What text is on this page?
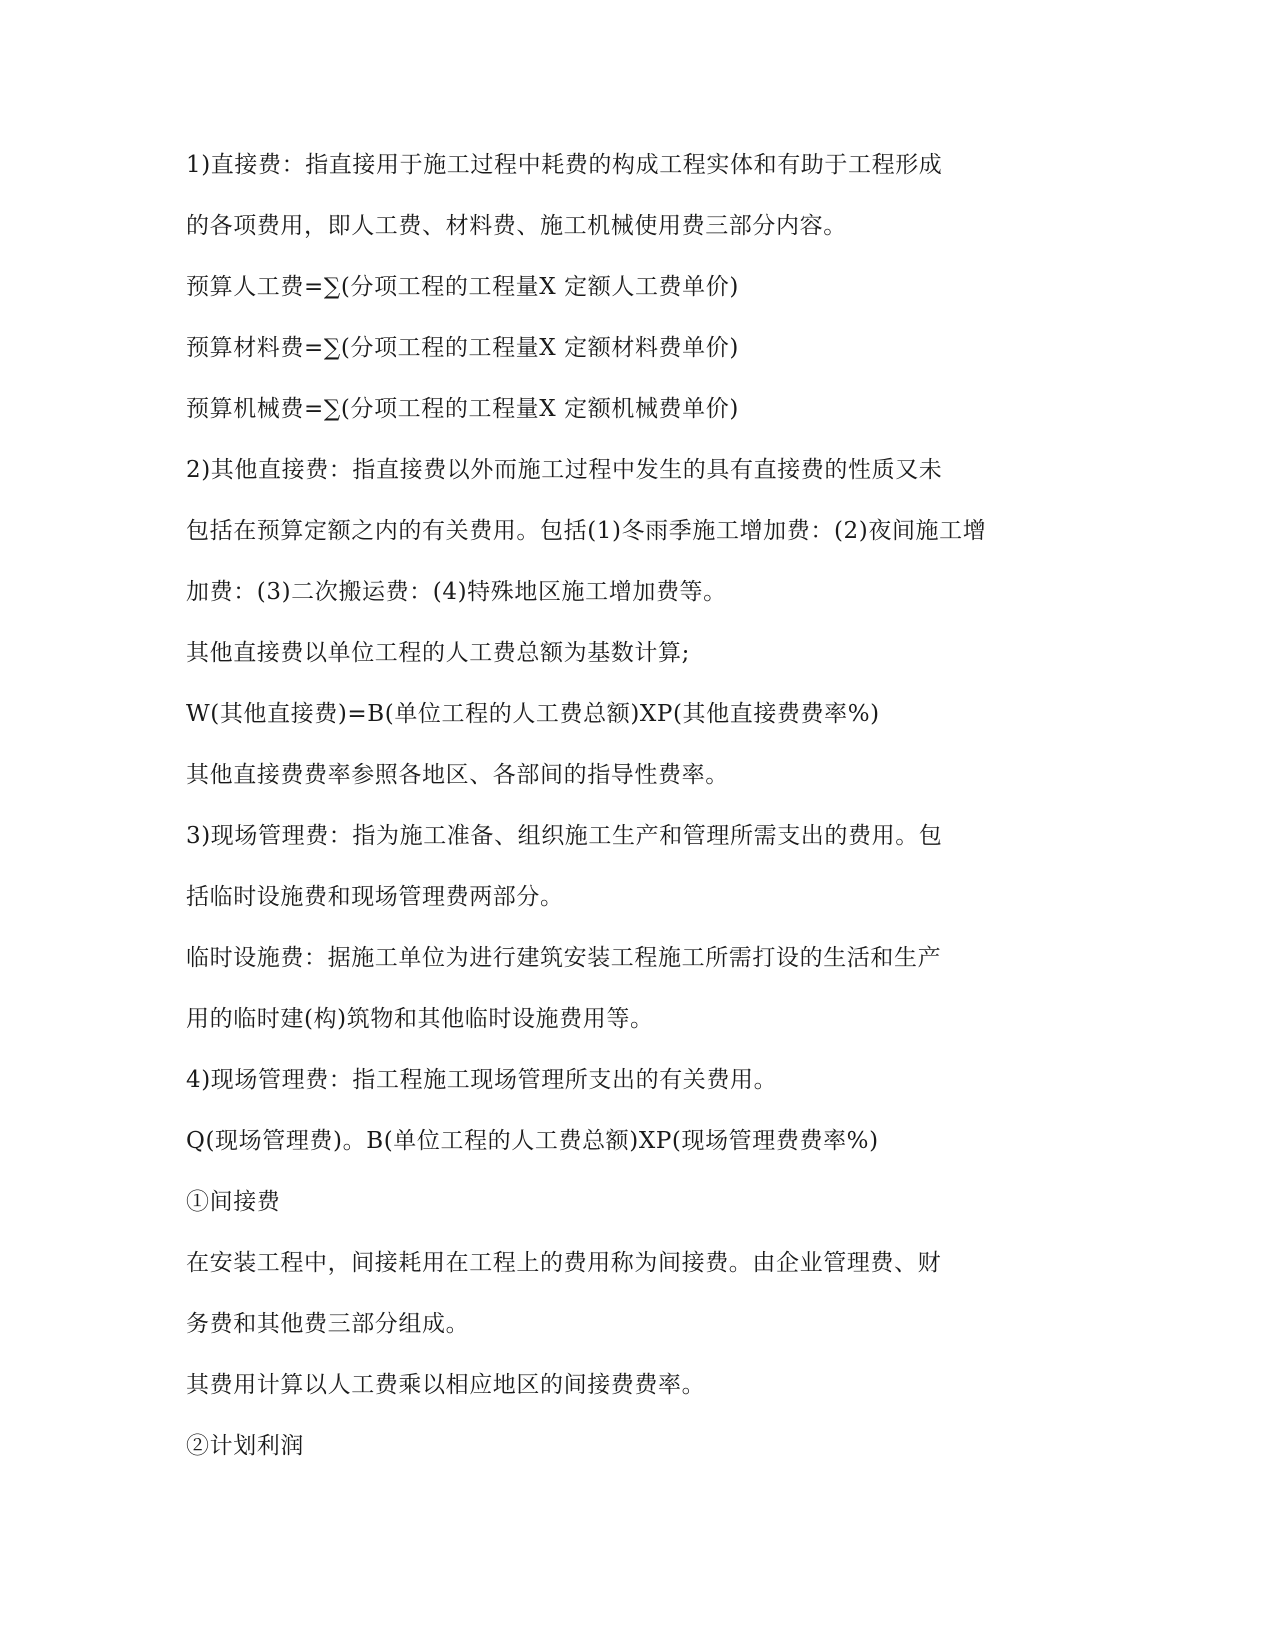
1)直接费：指直接用于施工过程中耗费的构成工程实体和有助于工程形成
的各项费用，即人工费、材料费、施工机械使用费三部分内容。
预算人工费=∑(分项工程的工程量X 定额人工费单价)
预算材料费=∑(分项工程的工程量X 定额材料费单价)
预算机械费=∑(分项工程的工程量X 定额机械费单价)
2)其他直接费：指直接费以外而施工过程中发生的具有直接费的性质又未
包括在预算定额之内的有关费用。包括(1)冬雨季施工增加费：(2)夜间施工增
加费：(3)二次搬运费：(4)特殊地区施工增加费等。
其他直接费以单位工程的人工费总额为基数计算;
W(其他直接费)=B(单位工程的人工费总额)XP(其他直接费费率%)
其他直接费费率参照各地区、各部间的指导性费率。
3)现场管理费：指为施工准备、组织施工生产和管理所需支出的费用。包
括临时设施费和现场管理费两部分。
临时设施费：据施工单位为进行建筑安装工程施工所需打设的生活和生产
用的临时建(构)筑物和其他临时设施费用等。
4)现场管理费：指工程施工现场管理所支出的有关费用。
Q(现场管理费)。B(单位工程的人工费总额)XP(现场管理费费率%)
①间接费
在安装工程中，间接耗用在工程上的费用称为间接费。由企业管理费、财
务费和其他费三部分组成。
其费用计算以人工费乘以相应地区的间接费费率。
②计划利润
